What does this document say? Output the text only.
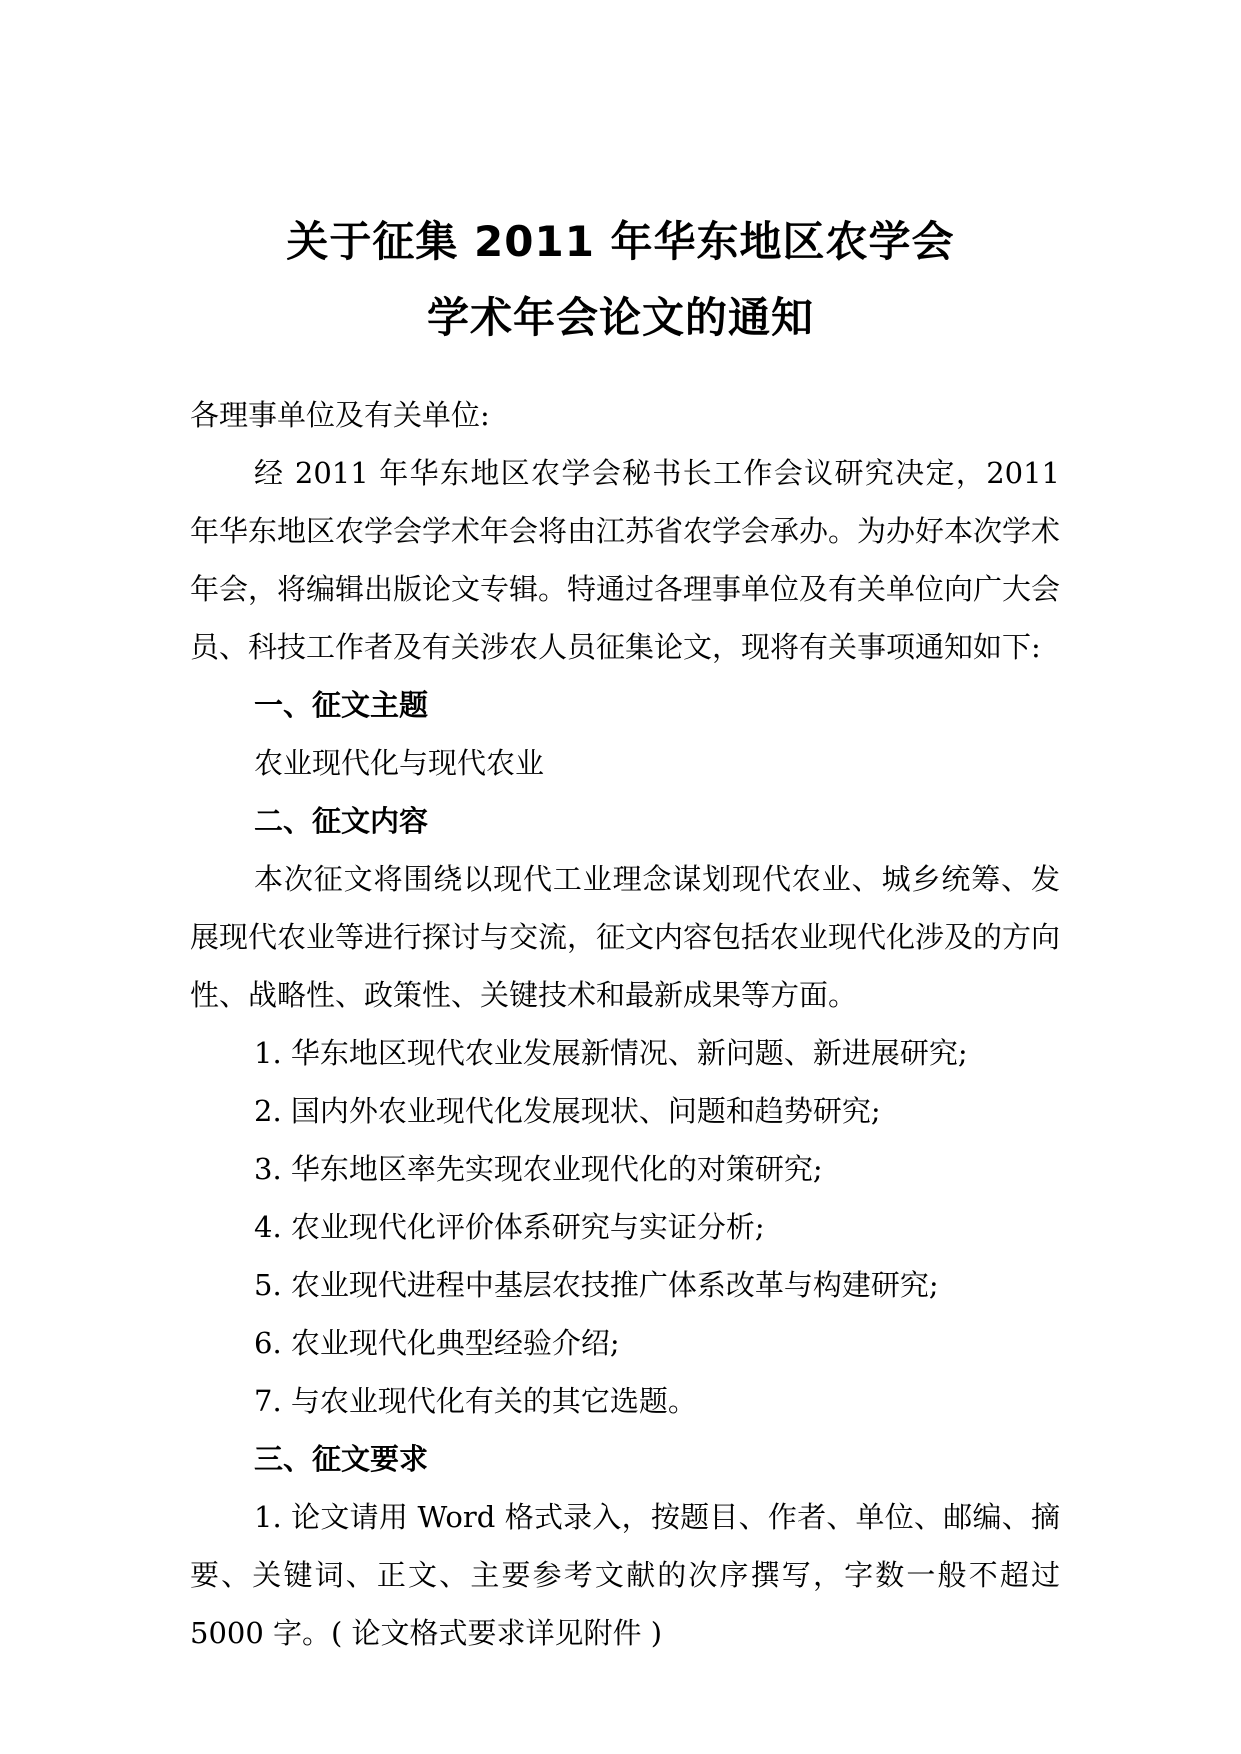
关于征集 2011 年华东地区农学会
学术年会论文的通知

各理事单位及有关单位:

经 2011 年华东地区农学会秘书长工作会议研究决定，2011 年华东地区农学会学术年会将由江苏省农学会承办。为办好本次学术年会，将编辑出版论文专辑。特通过各理事单位及有关单位向广大会员、科技工作者及有关涉农人员征集论文，现将有关事项通知如下:

一、征文主题

农业现代化与现代农业

二、征文内容

本次征文将围绕以现代工业理念谋划现代农业、城乡统筹、发展现代农业等进行探讨与交流，征文内容包括农业现代化涉及的方向性、战略性、政策性、关键技术和最新成果等方面。

1. 华东地区现代农业发展新情况、新问题、新进展研究;

2. 国内外农业现代化发展现状、问题和趋势研究;

3. 华东地区率先实现农业现代化的对策研究;

4. 农业现代化评价体系研究与实证分析;

5. 农业现代进程中基层农技推广体系改革与构建研究;

6. 农业现代化典型经验介绍;

7. 与农业现代化有关的其它选题。

三、征文要求

1. 论文请用 Word 格式录入，按题目、作者、单位、邮编、摘要、关键词、正文、主要参考文献的次序撰写，字数一般不超过 5000 字。( 论文格式要求详见附件 )
